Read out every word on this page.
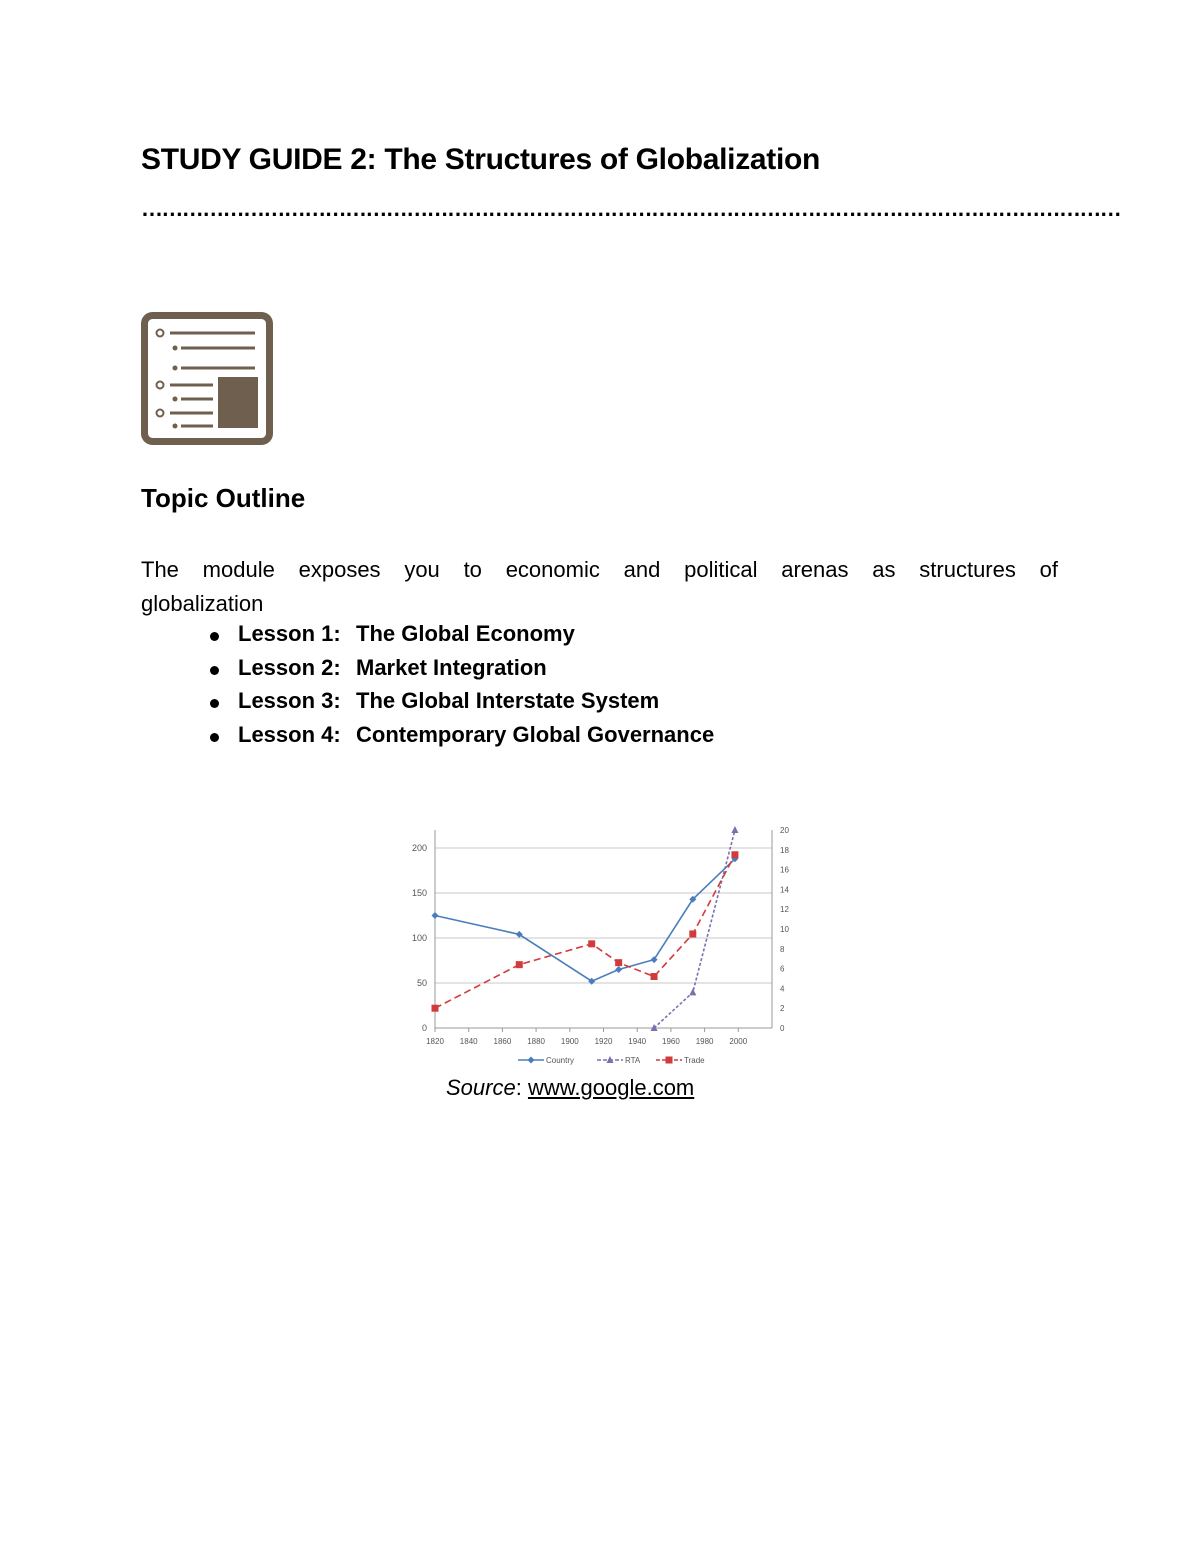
STUDY GUIDE 2: The Structures of Globalization
………………………………………………………………………………………………………………………………
Topic Outline
The module exposes you to economic and political arenas as structures of globalization
Lesson 1: The Global Economy
Lesson 2: Market Integration
Lesson 3: The Global Interstate System
Lesson 4: Contemporary Global Governance
0
50
100
150
200
0
2
4
6
8
10
12
14
16
18
20
1820 1840 1860 1880 1900 1920 1940 1960 1980 2000
Country	RTA	Trade
Source: www.google.com
